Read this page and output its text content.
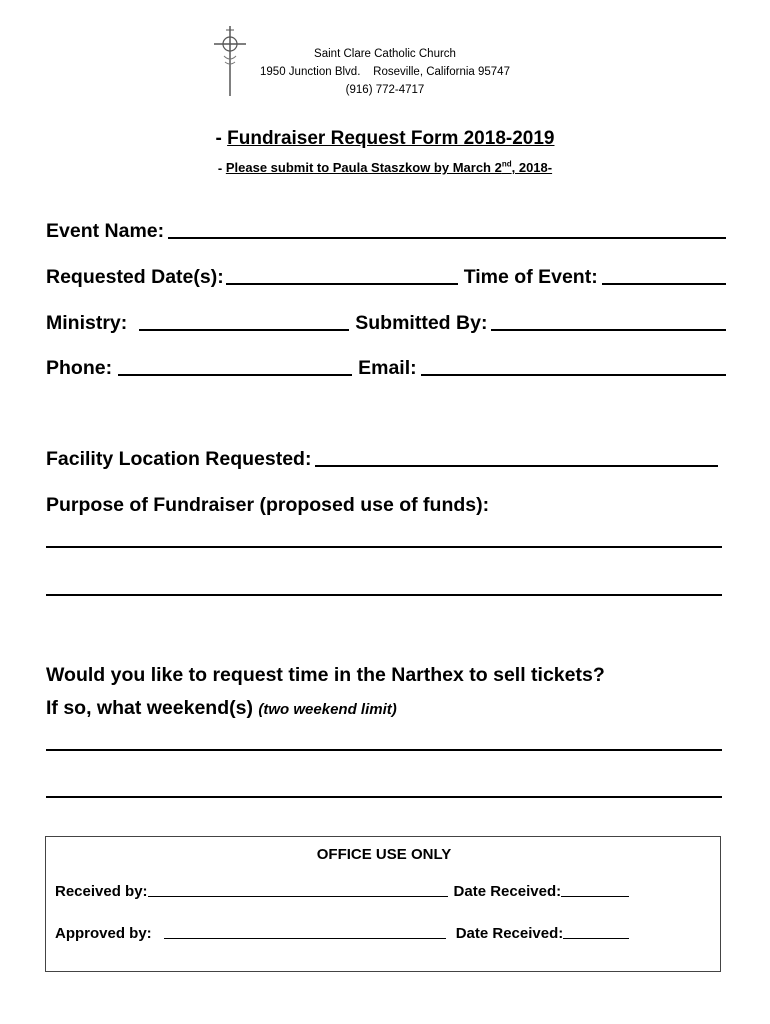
Saint Clare Catholic Church
1950 Junction Blvd.    Roseville, California 95747
(916) 772-4717
- Fundraiser Request Form 2018-2019
- Please submit to Paula Staszkow by March 2nd, 2018-
Event Name:
Requested Date(s):	Time of Event:
Ministry:	Submitted By:
Phone:	Email:
Facility Location Requested:
Purpose of Fundraiser (proposed use of funds):
Would you like to request time in the Narthex to sell tickets?
If so, what weekend(s) (two weekend limit)
OFFICE USE ONLY
Received by:	Date Received:
Approved by:	Date Received:
